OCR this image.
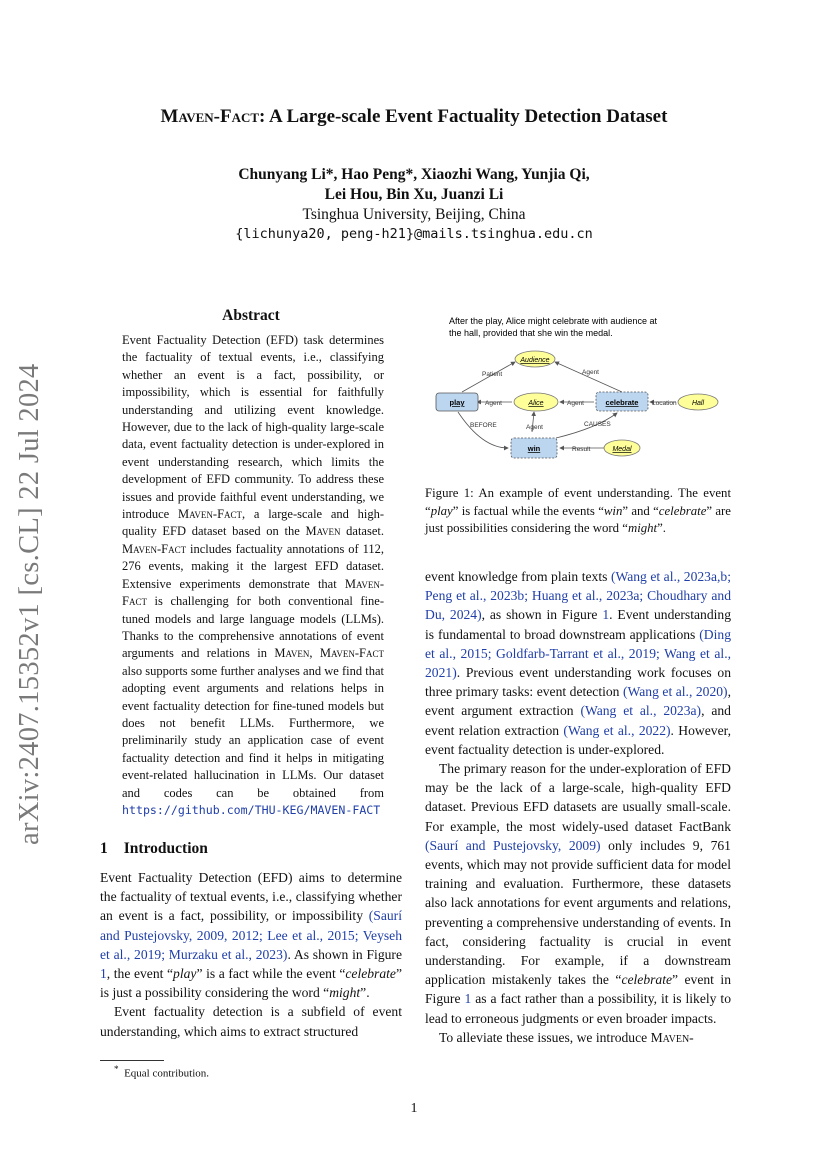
arXiv:2407.15352v1 [cs.CL] 22 Jul 2024
Maven-Fact: A Large-scale Event Factuality Detection Dataset
Chunyang Li*, Hao Peng*, Xiaozhi Wang, Yunjia Qi,
Lei Hou, Bin Xu, Juanzi Li
Tsinghua University, Beijing, China
{lichunya20, peng-h21}@mails.tsinghua.edu.cn
Abstract

Event Factuality Detection (EFD) task determines the factuality of textual events, i.e., classifying whether an event is a fact, possibility, or impossibility, which is essential for faithfully understanding and utilizing event knowledge. However, due to the lack of high-quality large-scale data, event factuality detection is under-explored in event understanding research, which limits the development of EFD community. To address these issues and provide faithful event understanding, we introduce Maven-Fact, a large-scale and high-quality EFD dataset based on the Maven dataset. Maven-Fact includes factuality annotations of 112, 276 events, making it the largest EFD dataset. Extensive experiments demonstrate that Maven-Fact is challenging for both conventional fine-tuned models and large language models (LLMs). Thanks to the comprehensive annotations of event arguments and relations in Maven, Maven-Fact also supports some further analyses and we find that adopting event arguments and relations helps in event factuality detection for fine-tuned models but does not benefit LLMs. Furthermore, we preliminarily study an application case of event factuality detection and find it helps in mitigating event-related hallucination in LLMs. Our dataset and codes can be obtained from https://github.com/THU-KEG/MAVEN-FACT

1 Introduction

Event Factuality Detection (EFD) aims to determine the factuality of textual events, i.e., classifying whether an event is a fact, possibility, or impossibility (Saurí and Pustejovsky, 2009, 2012; Lee et al., 2015; Veyseh et al., 2019; Murzaku et al., 2023). As shown in Figure 1, the event “play” is a fact while the event “celebrate” is just a possibility considering the word “might”.

Event factuality detection is a subfield of event understanding, which aims to extract structured

* Equal contribution.
After the play, Alice might celebrate with audience at
the hall, provided that she win the medal.
Patient	Agent
Agent	Agent	Location
BEFORE	Agent	CAUSES
Result
Audience
play	Alice	celebrate	Hall
win	Medal
Figure 1: An example of event understanding. The event “play” is factual while the events “win” and “celebrate” are just possibilities considering the word “might”.

event knowledge from plain texts (Wang et al., 2023a,b; Peng et al., 2023b; Huang et al., 2023a; Choudhary and Du, 2024), as shown in Figure 1. Event understanding is fundamental to broad downstream applications (Ding et al., 2015; Goldfarb-Tarrant et al., 2019; Wang et al., 2021). Previous event understanding work focuses on three primary tasks: event detection (Wang et al., 2020), event argument extraction (Wang et al., 2023a), and event relation extraction (Wang et al., 2022). However, event factuality detection is under-explored.

The primary reason for the under-exploration of EFD may be the lack of a large-scale, high-quality EFD dataset. Previous EFD datasets are usually small-scale. For example, the most widely-used dataset FactBank (Saurí and Pustejovsky, 2009) only includes 9, 761 events, which may not provide sufficient data for model training and evaluation. Furthermore, these datasets also lack annotations for event arguments and relations, preventing a comprehensive understanding of events. In fact, considering factuality is crucial in event understanding. For example, if a downstream application mistakenly takes the “celebrate” event in Figure 1 as a fact rather than a possibility, it is likely to lead to erroneous judgments or even broader impacts.

To alleviate these issues, we introduce Maven-

1
